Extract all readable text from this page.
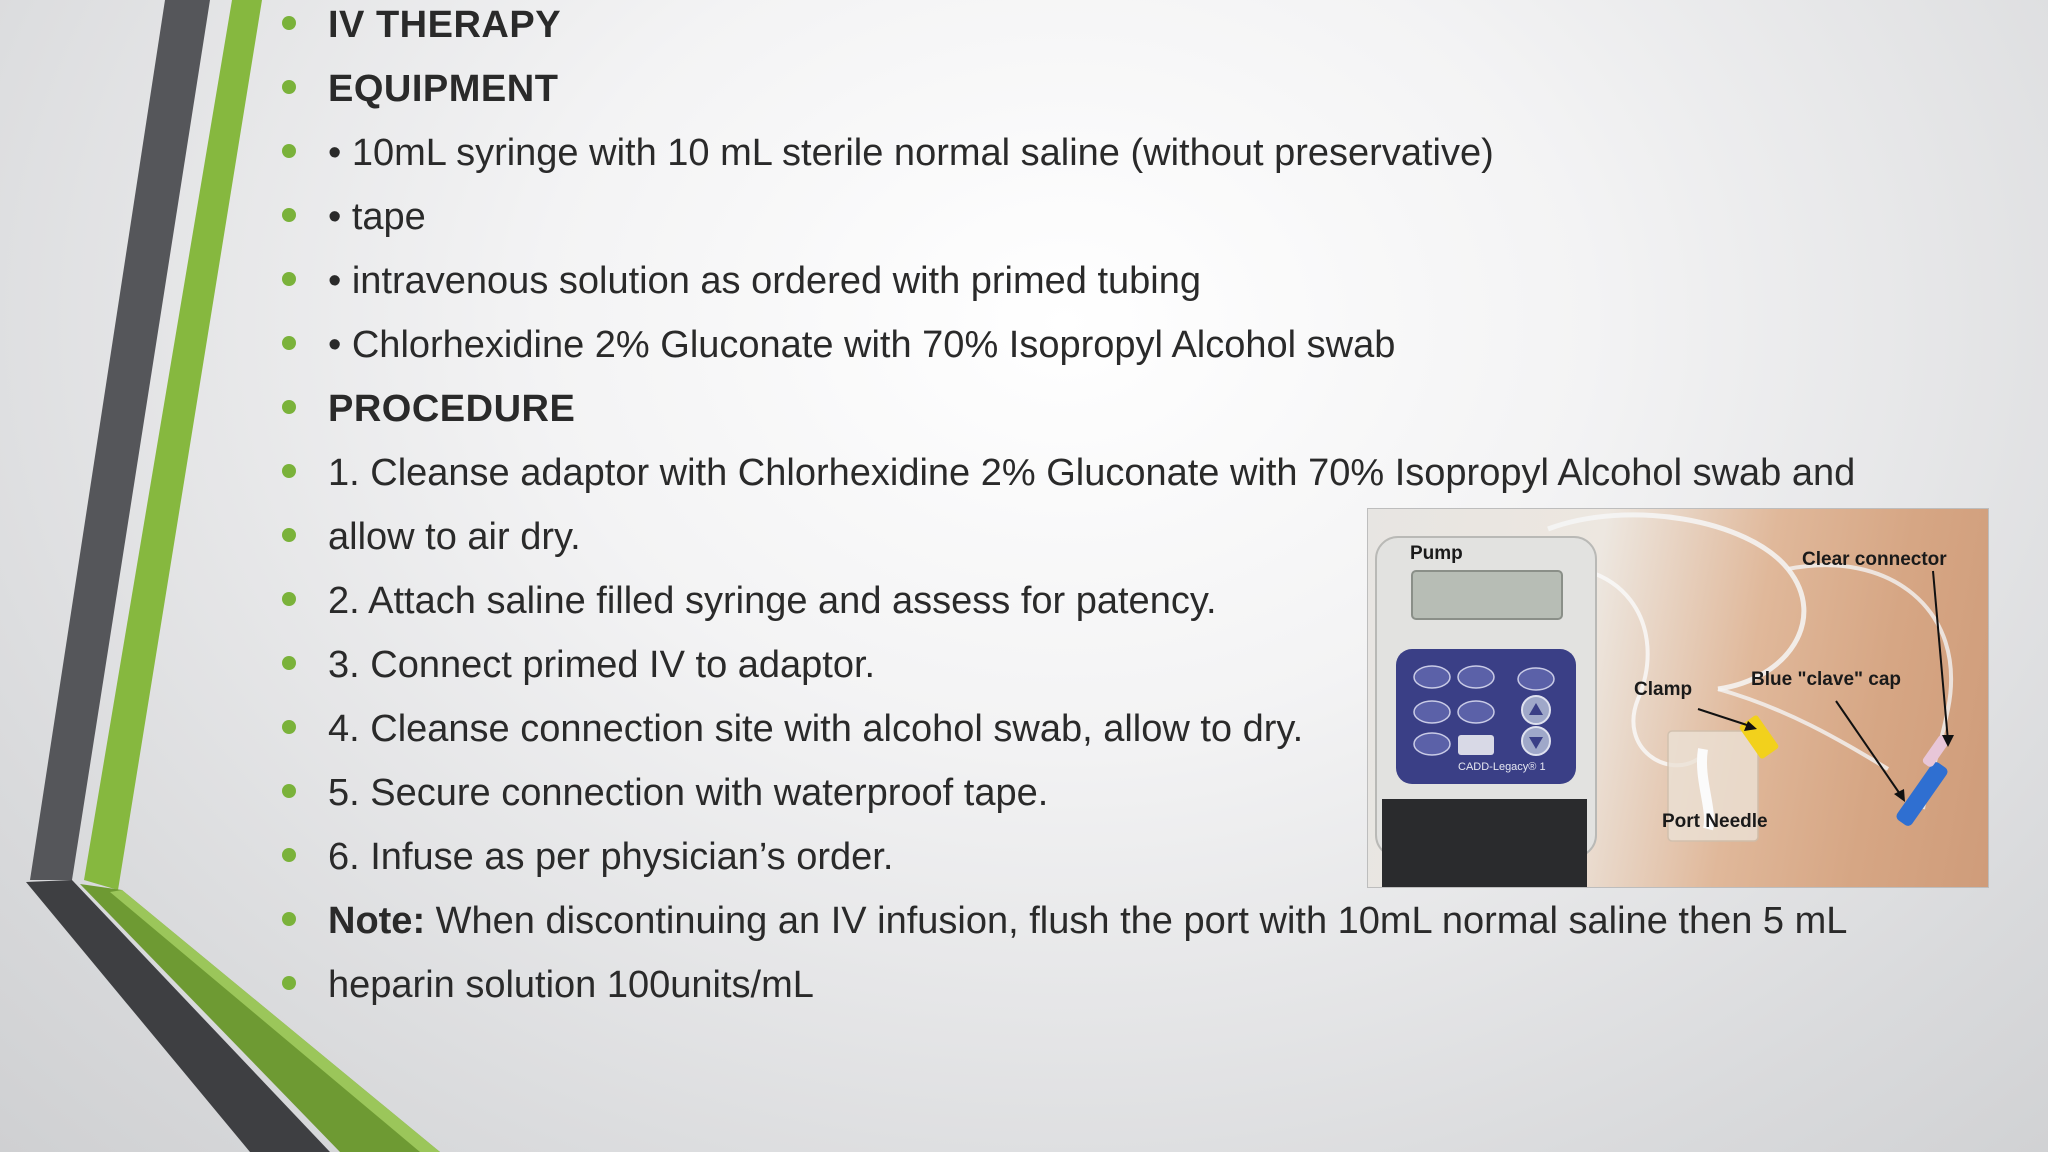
IV THERAPY
EQUIPMENT
• 10mL syringe with 10 mL sterile normal saline (without preservative)
• tape
• intravenous solution as ordered with primed tubing
• Chlorhexidine 2% Gluconate with 70% Isopropyl Alcohol swab
PROCEDURE
1. Cleanse adaptor with Chlorhexidine 2% Gluconate with 70% Isopropyl Alcohol swab and
allow to air dry.
2. Attach saline filled syringe and assess for patency.
3. Connect primed IV to adaptor.
4. Cleanse connection site with alcohol swab, allow to dry.
5. Secure connection with waterproof tape.
6. Infuse as per physician’s order.
Note: When discontinuing an IV infusion, flush the port with 10mL normal saline then 5 mL
heparin solution 100units/mL
Pump	Clear connector
Clamp	Blue "clave" cap
Port Needle
CADD-Legacy® 1
